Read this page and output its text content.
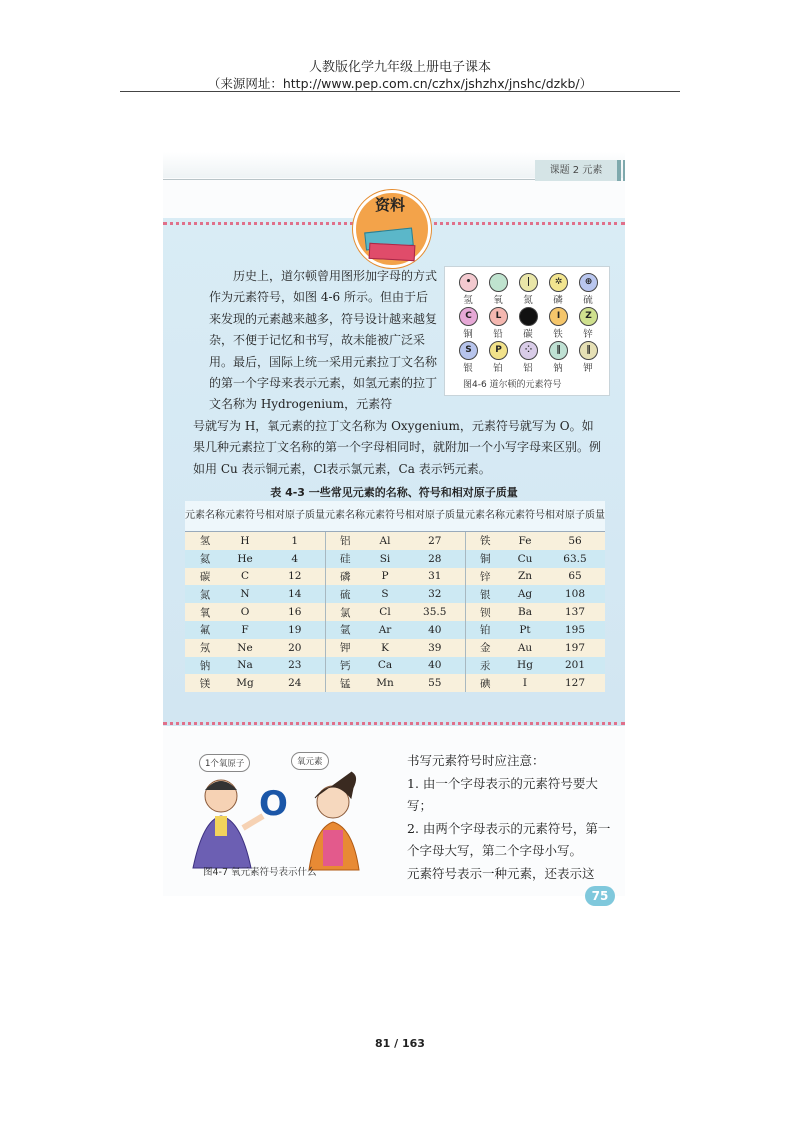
人教版化学九年级上册电子课本
（来源网址：http://www.pep.com.cn/czhx/jshzhx/jnshc/dzkb/）
课题 2 元素
资料

历史上，道尔顿曾用图形加字母的方式作为元素符号，如图 4-6 所示。但由于后来发现的元素越来越多，符号设计越来越复杂，不便于记忆和书写，故未能被广泛采用。最后，国际上统一采用元素拉丁文名称的第一个字母来表示元素，如氢元素的拉丁文名称为 Hydrogenium，元素符

•
氢	氧
|
氮
✲
磷
⊕
硫
C
铜
L
铅	碳
I
铁
Z
锌
S
银
P
铂
⁘
铝
‖
钠
‖
钾
图4-6 道尔顿的元素符号

号就写为 H，氧元素的拉丁文名称为 Oxygenium，元素符号就写为 O。如果几种元素拉丁文名称的第一个字母相同时，就附加一个小写字母来区别。例如用 Cu 表示铜元素，Cl表示氯元素，Ca 表示钙元素。

表 4-3 一些常见元素的名称、符号和相对原子质量
元素名称	元素符号	相对原子质量	元素名称	元素符号	相对原子质量	元素名称	元素符号	相对原子质量
氢	H	1	铝	Al	27	铁	Fe	56
氦	He	4	硅	Si	28	铜	Cu	63.5
碳	C	12	磷	P	31	锌	Zn	65
氮	N	14	硫	S	32	银	Ag	108
氧	O	16	氯	Cl	35.5	钡	Ba	137
氟	F	19	氩	Ar	40	铂	Pt	195
氖	Ne	20	钾	K	39	金	Au	197
钠	Na	23	钙	Ca	40	汞	Hg	201
镁	Mg	24	锰	Mn	55	碘	I	127
1个氧原子	氧元素
O
图4-7 氧元素符号表示什么

书写元素符号时应注意：

1. 由一个字母表示的元素符号要大写；

2. 由两个字母表示的元素符号，第一个字母大写，第二个字母小写。

元素符号表示一种元素，还表示这

75
81 / 163
